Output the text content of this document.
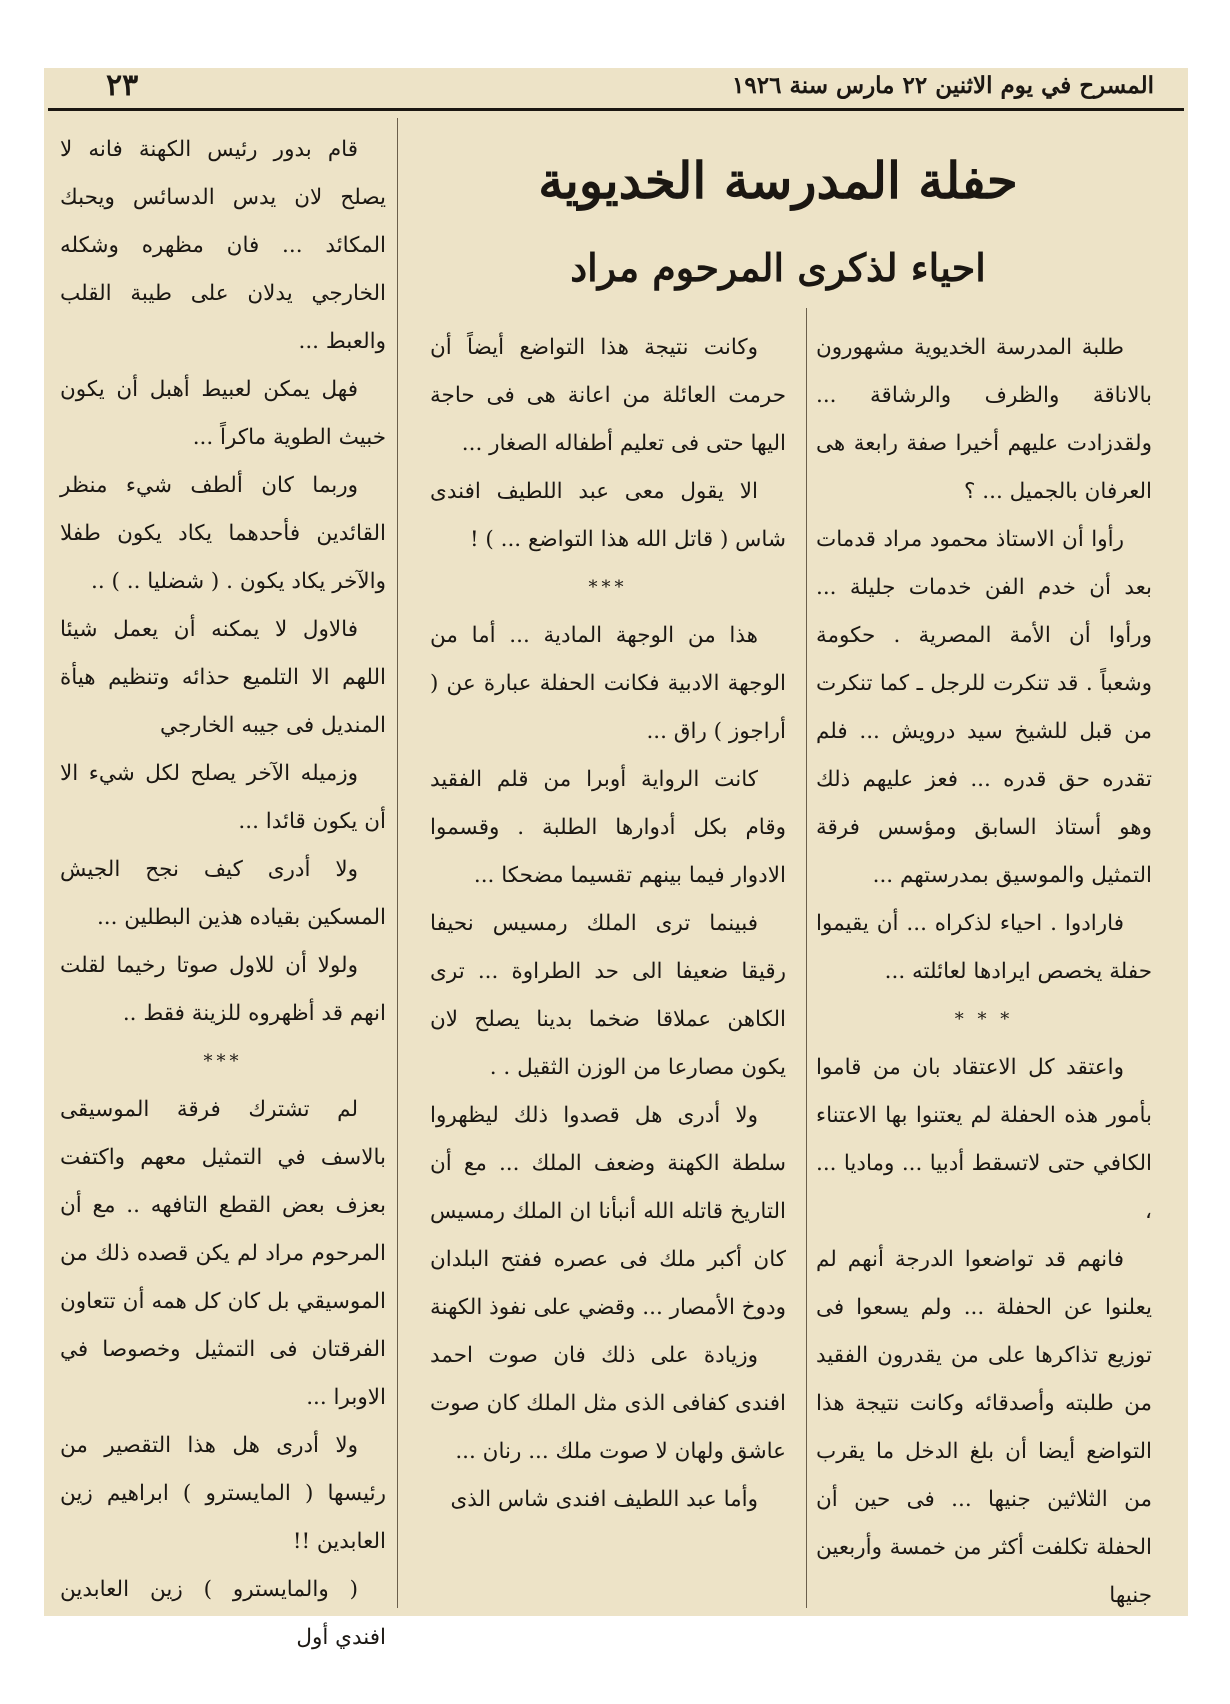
المسرح في يوم الاثنين ٢٢ مارس سنة ١٩٢٦
٢٣
حفلة المدرسة الخديوية
احياء لذكرى المرحوم مراد

طلبة المدرسة الخديوية مشهورون بالاناقة والظرف والرشاقة ... ولقدزادت عليهم أخيرا صفة رابعة هى العرفان بالجميل ... ؟

رأوا أن الاستاذ محمود مراد قدمات بعد أن خدم الفن خدمات جليلة ... ورأوا أن الأمة المصرية . حكومة وشعباً . قد تنكرت للرجل ـ كما تنكرت من قبل للشيخ سيد درويش ... فلم تقدره حق قدره ... فعز عليهم ذلك وهو أستاذ السابق ومؤسس فرقة التمثيل والموسيق بمدرستهم ...

فارادوا . احياء لذكراه ... أن يقيموا حفلة يخصص ايرادها لعائلته ...

* * *

واعتقد كل الاعتقاد بان من قاموا بأمور هذه الحفلة لم يعتنوا بها الاعتناء الكافي حتى لاتسقط أدبيا ... وماديا ... ،

فانهم قد تواضعوا الدرجة أنهم لم يعلنوا عن الحفلة ... ولم يسعوا فى توزيع تذاكرها على من يقدرون الفقيد من طلبته وأصدقائه وكانت نتيجة هذا التواضع أيضا أن بلغ الدخل ما يقرب من الثلاثين جنيها ... فى حين أن الحفلة تكلفت أكثر من خمسة وأربعين جنيها

وكانت نتيجة هذا التواضع أيضاً أن حرمت العائلة من اعانة هى فى حاجة اليها حتى فى تعليم أطفاله الصغار ...

الا يقول معى عبد اللطيف افندى شاس ( قاتل الله هذا التواضع ... ) !

***

هذا من الوجهة المادية ... أما من الوجهة الادبية فكانت الحفلة عبارة عن ( أراجوز ) راق ...

كانت الرواية أوبرا من قلم الفقيد وقام بكل أدوارها الطلبة . وقسموا الادوار فيما بينهم تقسيما مضحكا ...

فبينما ترى الملك رمسيس نحيفا رقيقا ضعيفا الى حد الطراوة ... ترى الكاهن عملاقا ضخما بدينا يصلح لان يكون مصارعا من الوزن الثقيل . .

ولا أدرى هل قصدوا ذلك ليظهروا سلطة الكهنة وضعف الملك ... مع أن التاريخ قاتله الله أنبأنا ان الملك رمسيس كان أكبر ملك فى عصره ففتح البلدان ودوخ الأمصار ... وقضي على نفوذ الكهنة

وزيادة على ذلك فان صوت احمد افندى كفافى الذى مثل الملك كان صوت عاشق ولهان لا صوت ملك ... رنان ...

وأما عبد اللطيف افندى شاس الذى

قام بدور رئيس الكهنة فانه لا يصلح لان يدس الدسائس ويحبك المكائد ... فان مظهره وشكله الخارجي يدلان على طيبة القلب والعبط ...

فهل يمكن لعبيط أهبل أن يكون خبيث الطوية ماكراً ...

وربما كان ألطف شيء منظر القائدين فأحدهما يكاد يكون طفلا والآخر يكاد يكون . ( شضليا .. ) ..

فالاول لا يمكنه أن يعمل شيئا اللهم الا التلميع حذائه وتنظيم هيأة المنديل فى جيبه الخارجي

وزميله الآخر يصلح لكل شيء الا أن يكون قائدا ...

ولا أدرى كيف نجح الجيش المسكين بقياده هذين البطلين ...

ولولا أن للاول صوتا رخيما لقلت انهم قد أظهروه للزينة فقط ..

***

لم تشترك فرقة الموسيقى بالاسف في التمثيل معهم واكتفت بعزف بعض القطع التافهه .. مع أن المرحوم مراد لم يكن قصده ذلك من الموسيقي بل كان كل همه أن تتعاون الفرقتان فى التمثيل وخصوصا في الاوبرا ...

ولا أدرى هل هذا التقصير من رئيسها ( المايسترو ) ابراهيم زين العابدين !!

( والمايسترو ) زين العابدين افندي أول
